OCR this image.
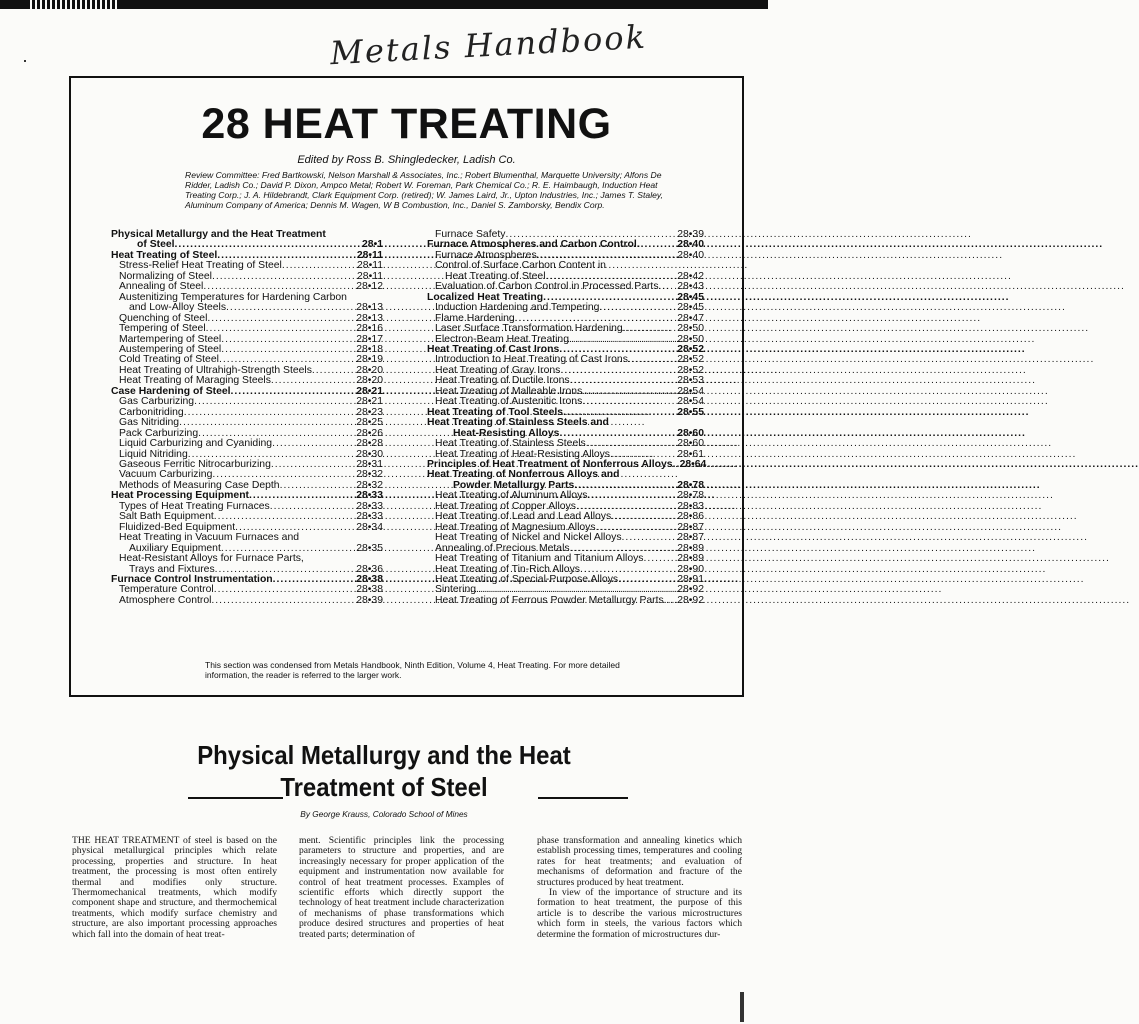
Metals Handbook
28 HEAT TREATING
Edited by Ross B. Shingledecker, Ladish Co.
Review Committee: Fred Bartkowski, Nelson Marshall & Associates, Inc.; Robert Blumenthal, Marquette University; Alfons De Ridder, Ladish Co.; David P. Dixon, Ampco Metal; Robert W. Foreman, Park Chemical Co.; R. E. Haimbaugh, Induction Heat Treating Corp.; J. A. Hildebrandt, Clark Equipment Corp. (retired); W. James Laird, Jr., Upton Industries, Inc.; James T. Staley, Aluminum Company of America; Dennis M. Wagen, W B Combustion, Inc., Daniel S. Zamborsky, Bendix Corp.
Physical Metallurgy and the Heat Treatment
of Steel .....	28•1
Heat Treating of Steel .....	28•11
Stress-Relief Heat Treating of Steel .....	28•11
Normalizing of Steel .....	28•11
Annealing of Steel .....	28•12
Austenitizing Temperatures for Hardening Carbon
and Low-Alloy Steels .....	28•13
Quenching of Steel .....	28•13
Tempering of Steel .....	28•16
Martempering of Steel .....	28•17
Austempering of Steel .....	28•18
Cold Treating of Steel .....	28•19
Heat Treating of Ultrahigh-Strength Steels .....	28•20
Heat Treating of Maraging Steels .....	28•20
Case Hardening of Steel .....	28•21
Gas Carburizing .....	28•21
Carbonitriding .....	28•23
Gas Nitriding .....	28•25
Pack Carburizing .....	28•26
Liquid Carburizing and Cyaniding .....	28•28
Liquid Nitriding .....	28•30
Gaseous Ferritic Nitrocarburizing .....	28•31
Vacuum Carburizing .....	28•32
Methods of Measuring Case Depth .....	28•32
Heat Processing Equipment .....	28•33
Types of Heat Treating Furnaces .....	28•33
Salt Bath Equipment .....	28•33
Fluidized-Bed Equipment .....	28•34
Heat Treating in Vacuum Furnaces and
Auxiliary Equipment .....	28•35
Heat-Resistant Alloys for Furnace Parts,
Trays and Fixtures .....	28•36
Furnace Control Instrumentation .....	28•38
Temperature Control .....	28•38
Atmosphere Control .....	28•39
Furnace Safety .....	28•39
Furnace Atmospheres and Carbon Control .....	28•40
Furnace Atmospheres .....	28•40
Control of Surface Carbon Content in
Heat Treating of Steel .....	28•42
Evaluation of Carbon Control in Processed Parts ..... 28•43
Localized Heat Treating .....	28•45
Induction Hardening and Tempering .....	28•45
Flame Hardening .....	28•47
Laser Surface Transformation Hardening .....	28•50
Electron-Beam Heat Treating .....	28•50
Heat Treating of Cast Irons .....	28•52
Introduction to Heat Treating of Cast Irons .....	28•52
Heat Treating of Gray Irons .....	28•52
Heat Treating of Ductile Irons .....	28•53
Heat Treating of Malleable Irons .....	28•54
Heat Treating of Austenitic Irons .....	28•54
Heat Treating of Tool Steels .....	28•55
Heat Treating of Stainless Steels and
Heat-Resisting Alloys .....	28•60
Heat Treating of Stainless Steels .....	28•60
Heat Treating of Heat-Resisting Alloys .....	28•61
Principles of Heat Treatment of Nonferrous Alloys ..... 28•64
Heat Treating of Nonferrous Alloys and
Powder Metallurgy Parts .....	28•78
Heat Treating of Aluminum Alloys .....	28•78
Heat Treating of Copper Alloys .....	28•83
Heat Treating of Lead and Lead Alloys .....	28•86
Heat Treating of Magnesium Alloys .....	28•87
Heat Treating of Nickel and Nickel Alloys .....	28•87
Annealing of Precious Metals .....	28•89
Heat Treating of Titanium and Titanium Alloys .....	28•89
Heat Treating of Tin-Rich Alloys .....	28•90
Heat Treating of Special-Purpose Alloys .....	28•91
Sintering .....	28•92
Heat Treating of Ferrous Powder Metallurgy Parts ..... 28•92
This section was condensed from Metals Handbook, Ninth Edition, Volume 4, Heat Treating. For more detailed information, the reader is referred to the larger work.
Physical Metallurgy and the Heat
Treatment of Steel
By George Krauss, Colorado School of Mines

THE HEAT TREATMENT of steel is based on the physical metallurgical principles which relate processing, properties and structure. In heat treatment, the processing is most often entirely thermal and modifies only structure. Thermomechanical treatments, which modify component shape and structure, and thermochemical treatments, which modify surface chemistry and structure, are also important processing approaches which fall into the domain of heat treat-

ment. Scientific principles link the processing parameters to structure and properties, and are increasingly necessary for proper application of the equipment and instrumentation now available for control of heat treatment processes. Examples of scientific efforts which directly support the technology of heat treatment include characterization of mechanisms of phase transformations which produce desired structures and properties of heat treated parts; determination of

phase transformation and annealing kinetics which establish processing times, temperatures and cooling rates for heat treatments; and evaluation of mechanisms of deformation and fracture of the structures produced by heat treatment.

In view of the importance of structure and its formation to heat treatment, the purpose of this article is to describe the various microstructures which form in steels, the various factors which determine the formation of microstructures dur-
